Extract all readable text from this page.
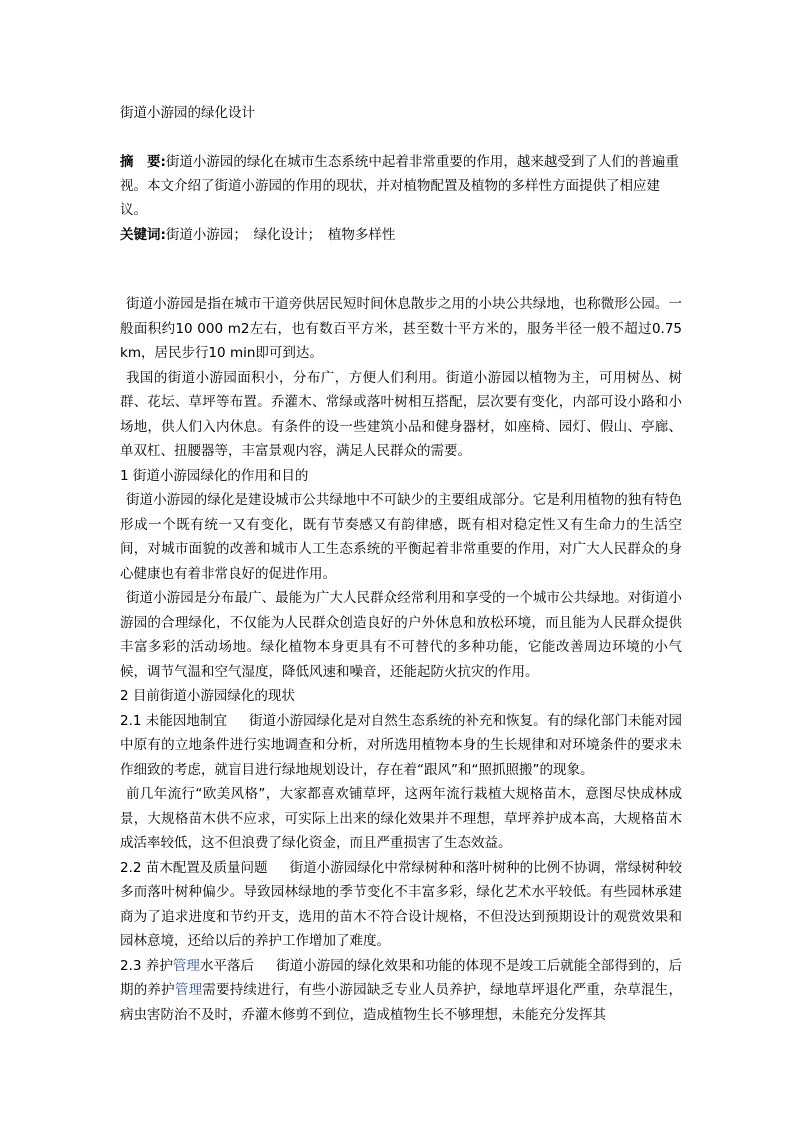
街道小游园的绿化设计
摘　要:街道小游园的绿化在城市生态系统中起着非常重要的作用，越来越受到了人们的普遍重视。本文介绍了街道小游园的作用的现状，并对植物配置及植物的多样性方面提供了相应建议。
关键词:街道小游园；　绿化设计；　植物多样性

街道小游园是指在城市干道旁供居民短时间休息散步之用的小块公共绿地，也称微形公园。一般面积约10 000 m2左右，也有数百平方米，甚至数十平方米的，服务半径一般不超过0.75 km，居民步行10 min即可到达。

我国的街道小游园面积小，分布广，方便人们利用。街道小游园以植物为主，可用树丛、树群、花坛、草坪等布置。乔灌木、常绿或落叶树相互搭配，层次要有变化，内部可设小路和小场地，供人们入内休息。有条件的设一些建筑小品和健身器材，如座椅、园灯、假山、亭廊、单双杠、扭腰器等，丰富景观内容，满足人民群众的需要。

1 街道小游园绿化的作用和目的

街道小游园的绿化是建设城市公共绿地中不可缺少的主要组成部分。它是利用植物的独有特色形成一个既有统一又有变化，既有节奏感又有韵律感，既有相对稳定性又有生命力的生活空间，对城市面貌的改善和城市人工生态系统的平衡起着非常重要的作用，对广大人民群众的身心健康也有着非常良好的促进作用。

街道小游园是分布最广、最能为广大人民群众经常利用和享受的一个城市公共绿地。对街道小游园的合理绿化，不仅能为人民群众创造良好的户外休息和放松环境，而且能为人民群众提供丰富多彩的活动场地。绿化植物本身更具有不可替代的多种功能，它能改善周边环境的小气候，调节气温和空气湿度，降低风速和噪音，还能起防火抗灾的作用。

2 目前街道小游园绿化的现状

2.1 未能因地制宜 街道小游园绿化是对自然生态系统的补充和恢复。有的绿化部门未能对园中原有的立地条件进行实地调查和分析，对所选用植物本身的生长规律和对环境条件的要求未作细致的考虑，就盲目进行绿地规划设计，存在着“跟风”和“照抓照搬”的现象。

前几年流行“欧美风格”，大家都喜欢铺草坪，这两年流行栽植大规格苗木，意图尽快成林成景，大规格苗木供不应求，可实际上出来的绿化效果并不理想，草坪养护成本高，大规格苗木成活率较低，这不但浪费了绿化资金，而且严重损害了生态效益。

2.2 苗木配置及质量问题 街道小游园绿化中常绿树种和落叶树种的比例不协调，常绿树种较多而落叶树种偏少。导致园林绿地的季节变化不丰富多彩，绿化艺术水平较低。有些园林承建商为了追求进度和节约开支，选用的苗木不符合设计规格，不但没达到预期设计的观赏效果和园林意境，还给以后的养护工作增加了难度。

2.3 养护管理水平落后 街道小游园的绿化效果和功能的体现不是竣工后就能全部得到的，后期的养护管理需要持续进行，有些小游园缺乏专业人员养护，绿地草坪退化严重，杂草混生，病虫害防治不及时，乔灌木修剪不到位，造成植物生长不够理想，未能充分发挥其
